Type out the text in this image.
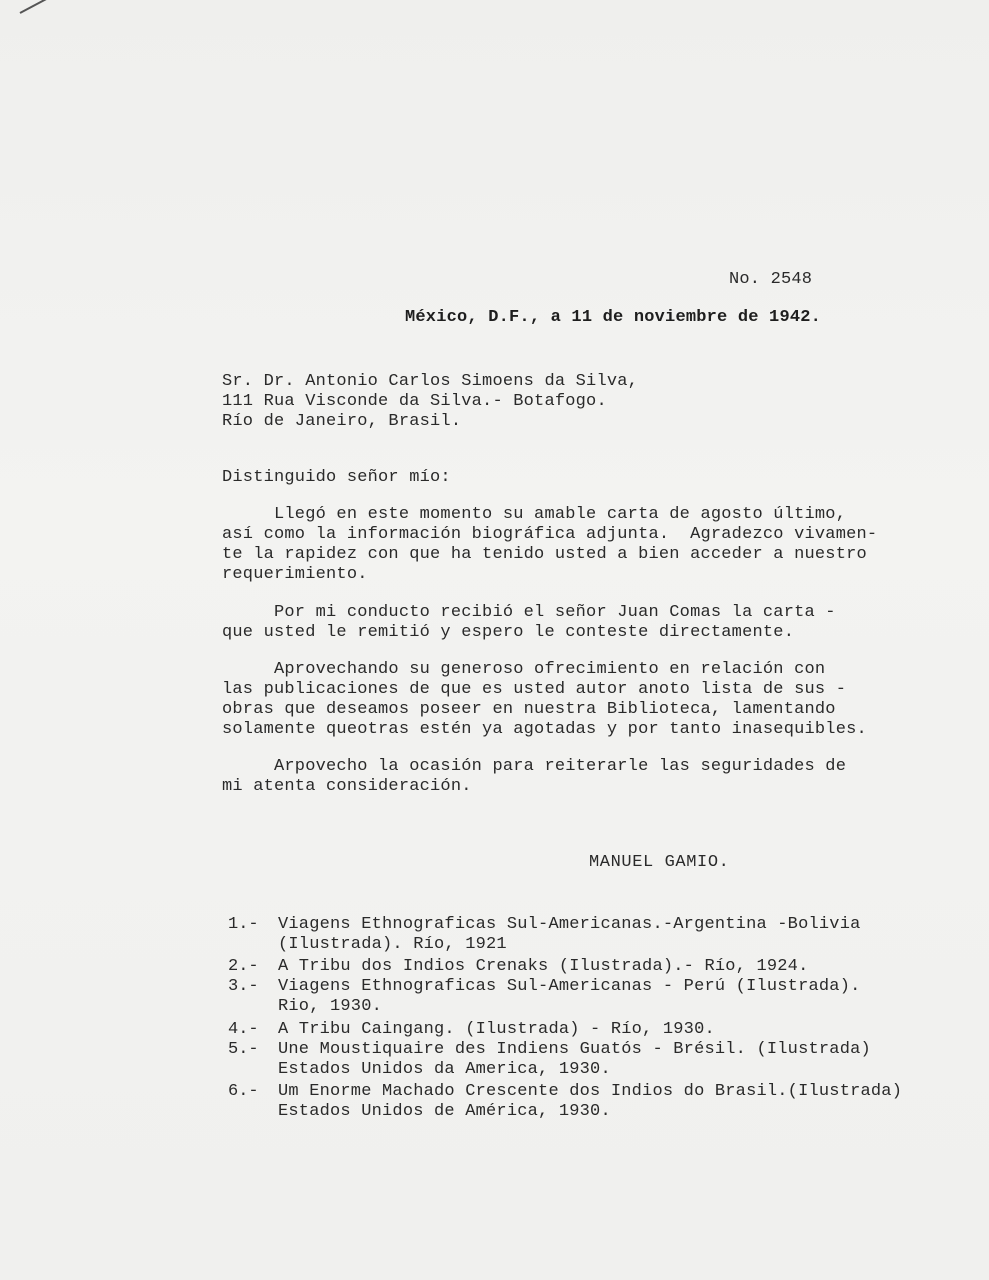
No. 2548
México, D.F., a 11 de noviembre de 1942.
Sr. Dr. Antonio Carlos Simoens da Silva,
111 Rua Visconde da Silva.- Botafogo.
Río de Janeiro, Brasil.
Distinguido señor mío:
Llegó en este momento su amable carta de agosto último,
así como la información biográfica adjunta.  Agradezco vivamen-
te la rapidez con que ha tenido usted a bien acceder a nuestro
requerimiento.
Por mi conducto recibió el señor Juan Comas la carta -
que usted le remitió y espero le conteste directamente.
Aprovechando su generoso ofrecimiento en relación con
las publicaciones de que es usted autor anoto lista de sus -
obras que deseamos poseer en nuestra Biblioteca, lamentando
solamente queotras estén ya agotadas y por tanto inasequibles.
Arpovecho la ocasión para reiterarle las seguridades de
mi atenta consideración.
MANUEL GAMIO.
1.- Viagens Ethnograficas Sul-Americanas.-Argentina -Bolivia
(Ilustrada). Río, 1921
2.- A Tribu dos Indios Crenaks (Ilustrada).- Río, 1924.
3.- Viagens Ethnograficas Sul-Americanas - Perú (Ilustrada).
Rio, 1930.
4.- A Tribu Caingang. (Ilustrada) - Río, 1930.
5.- Une Moustiquaire des Indiens Guatós - Brésil. (Ilustrada)
Estados Unidos da America, 1930.
6.- Um Enorme Machado Crescente dos Indios do Brasil.(Ilustrada)
Estados Unidos de América, 1930.
